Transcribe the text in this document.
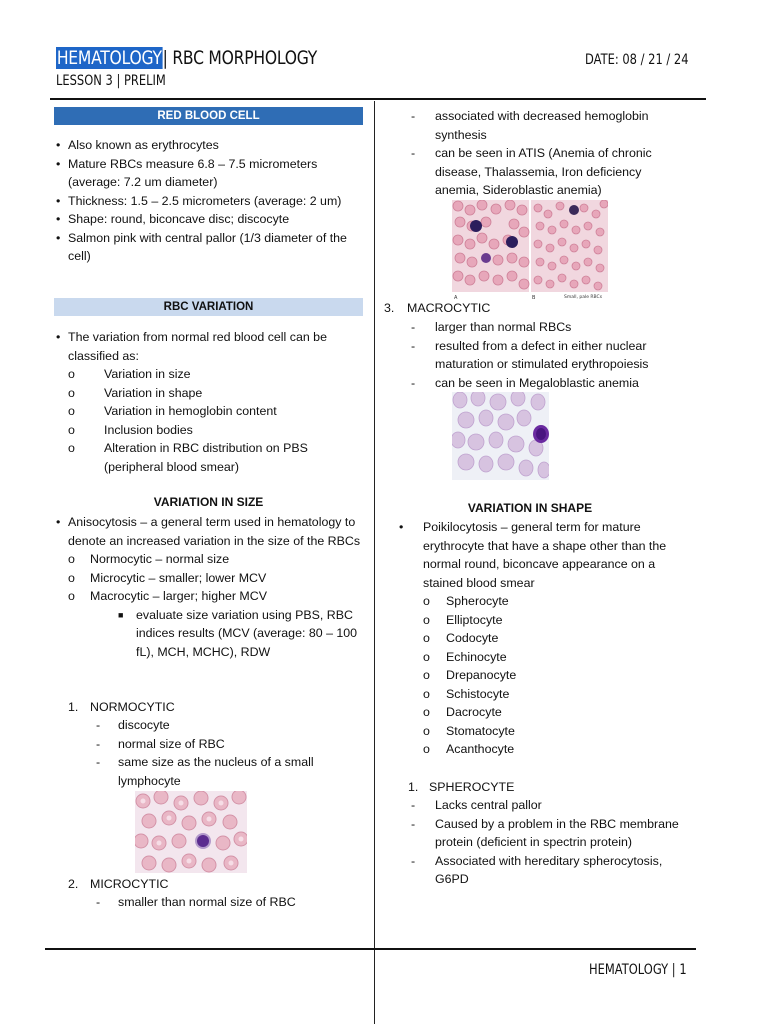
HEMATOLOGY| RBC MORPHOLOGY
LESSON 3 | PRELIM
DATE: 08 / 21 / 24
HEMATOLOGY | 1
RED BLOOD CELL
• Also known as erythrocytes
• Mature RBCs measure 6.8 – 7.5 micrometers (average: 7.2 um diameter)
• Thickness: 1.5 – 2.5 micrometers (average: 2 um)
• Shape: round, biconcave disc; discocyte
• Salmon pink with central pallor (1/3 diameter of the cell)
RBC VARIATION
• The variation from normal red blood cell can be classified as:
o Variation in size
o Variation in shape
o Variation in hemoglobin content
o Inclusion bodies
o Alteration in RBC distribution on PBS (peripheral blood smear)
VARIATION IN SIZE
• Anisocytosis – a general term used in hematology to denote an increased variation in the size of the RBCs
o Normocytic – normal size
o Microcytic – smaller; lower MCV
o Macrocytic – larger; higher MCV
■ evaluate size variation using PBS, RBC indices results (MCV (average: 80 – 100 fL), MCH, MCHC), RDW
1. NORMOCYTIC
- discocyte
- normal size of RBC
- same size as the nucleus of a small lymphocyte
2. MICROCYTIC
- smaller than normal size of RBC
- associated with decreased hemoglobin synthesis
- can be seen in ATIS (Anemia of chronic disease, Thalassemia, Iron deficiency anemia, Sideroblastic anemia)
A	B	Small, pale RBCs
3. MACROCYTIC
- larger than normal RBCs
- resulted from a defect in either nuclear maturation or stimulated erythropoiesis
- can be seen in Megaloblastic anemia
VARIATION IN SHAPE
• Poikilocytosis – general term for mature erythrocyte that have a shape other than the normal round, biconcave appearance on a stained blood smear
o Spherocyte
o Elliptocyte
o Codocyte
o Echinocyte
o Drepanocyte
o Schistocyte
o Dacrocyte
o Stomatocyte
o Acanthocyte
1. SPHEROCYTE
- Lacks central pallor
- Caused by a problem in the RBC membrane protein (deficient in spectrin protein)
- Associated with hereditary spherocytosis, G6PD
